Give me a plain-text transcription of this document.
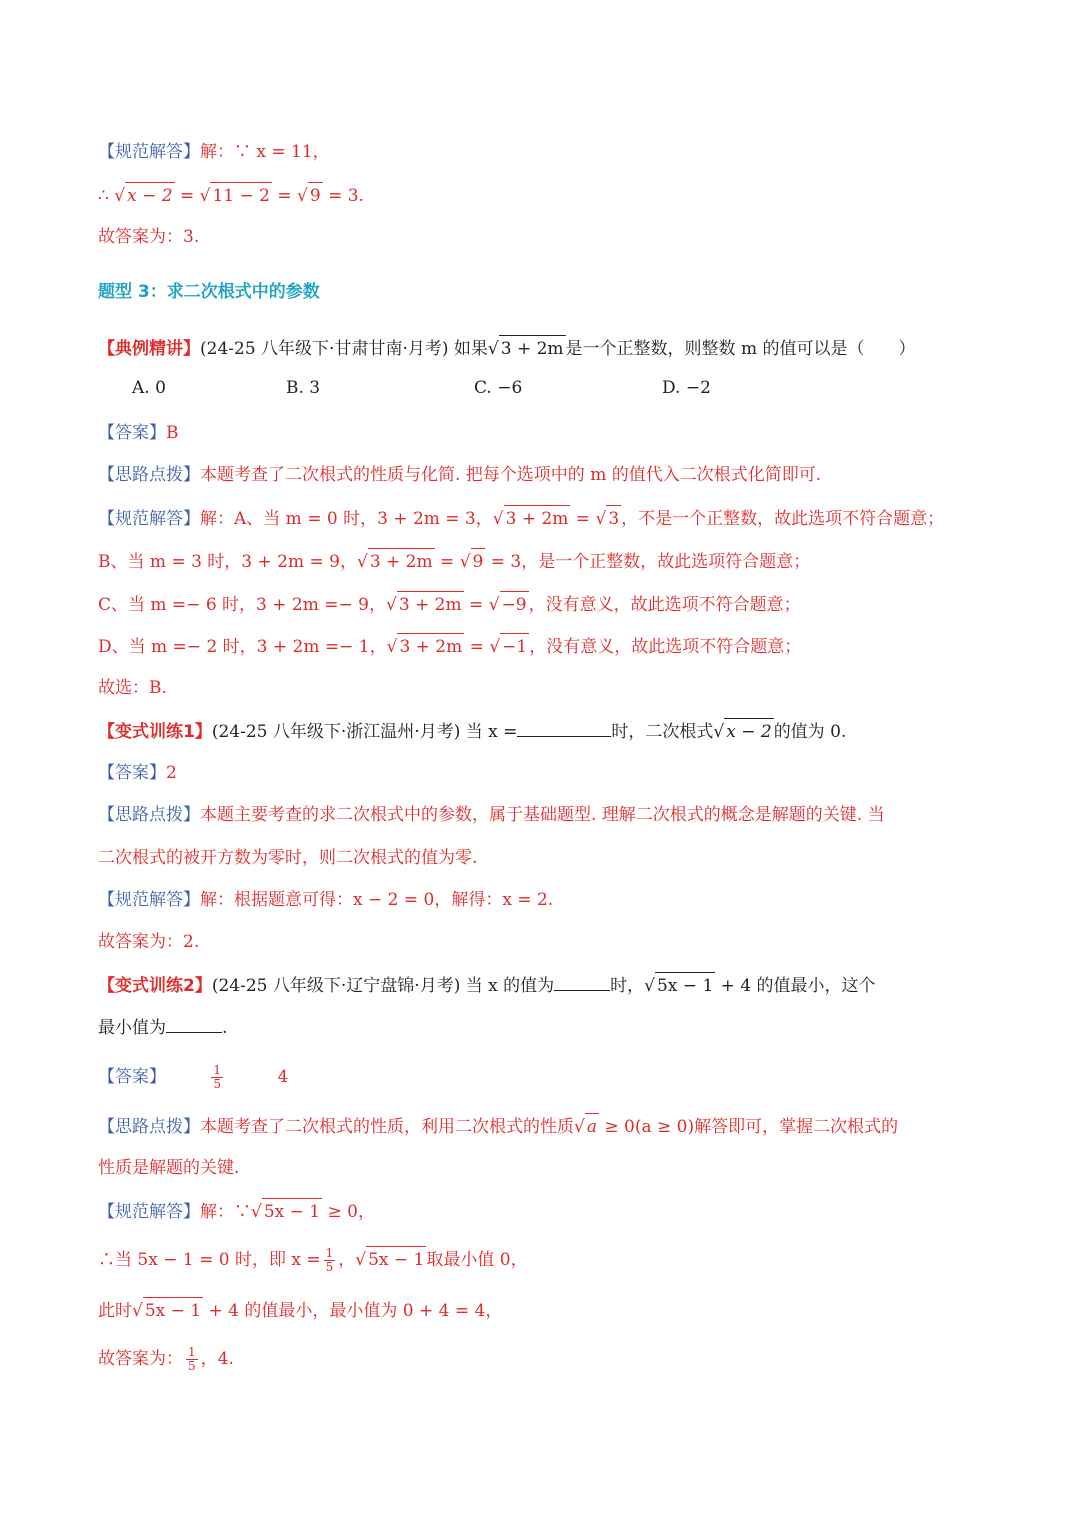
【规范解答】解：∵ x = 11，
∴ √ x − 2 = √ 11 − 2 = √ 9 = 3.
故答案为：3.
题型 3：求二次根式中的参数
【典例精讲】(24-25 八年级下·甘肃甘南·月考) 如果√ 3 + 2m 是一个正整数，则整数 m 的值可以是（　　）
A. 0	B. 3	C. −6	D. −2
【答案】B
【思路点拨】本题考查了二次根式的性质与化简. 把每个选项中的 m 的值代入二次根式化简即可.
【规范解答】解：A、当 m = 0 时，3 + 2m = 3，√ 3 + 2m = √ 3 ，不是一个正整数，故此选项不符合题意；
B、当 m = 3 时，3 + 2m = 9，√ 3 + 2m = √ 9 = 3，是一个正整数，故此选项符合题意；
C、当 m =− 6 时，3 + 2m =− 9，√ 3 + 2m = √ −9 ，没有意义，故此选项不符合题意；
D、当 m =− 2 时，3 + 2m =− 1，√ 3 + 2m = √ −1 ，没有意义，故此选项不符合题意；
故选：B.
【变式训练1】(24-25 八年级下·浙江温州·月考) 当 x =	时，二次根式√ x − 2 的值为 0.
【答案】2
【思路点拨】本题主要考查的求二次根式中的参数，属于基础题型. 理解二次根式的概念是解题的关键. 当
二次根式的被开方数为零时，则二次根式的值为零.
【规范解答】解：根据题意可得：x − 2 = 0，解得：x = 2.
故答案为：2.
【变式训练2】(24-25 八年级下·辽宁盘锦·月考) 当 x 的值为	时，√ 5x − 1 + 4 的值最小，这个
最小值为	.
【答案】	$\frac{1}{5}$	4
【思路点拨】本题考查了二次根式的性质，利用二次根式的性质√ a ≥ 0(a ≥ 0)解答即可，掌握二次根式的
性质是解题的关键.
【规范解答】解：∵√ 5x − 1 ≥ 0，
∴当 5x − 1 = 0 时，即 $x = \frac{1}{5}$ ，√ 5x − 1 取最小值 0，
此时√ 5x − 1 + 4 的值最小，最小值为 0 + 4 = 4，
故答案为： $\frac{1}{5}$ ，4.
